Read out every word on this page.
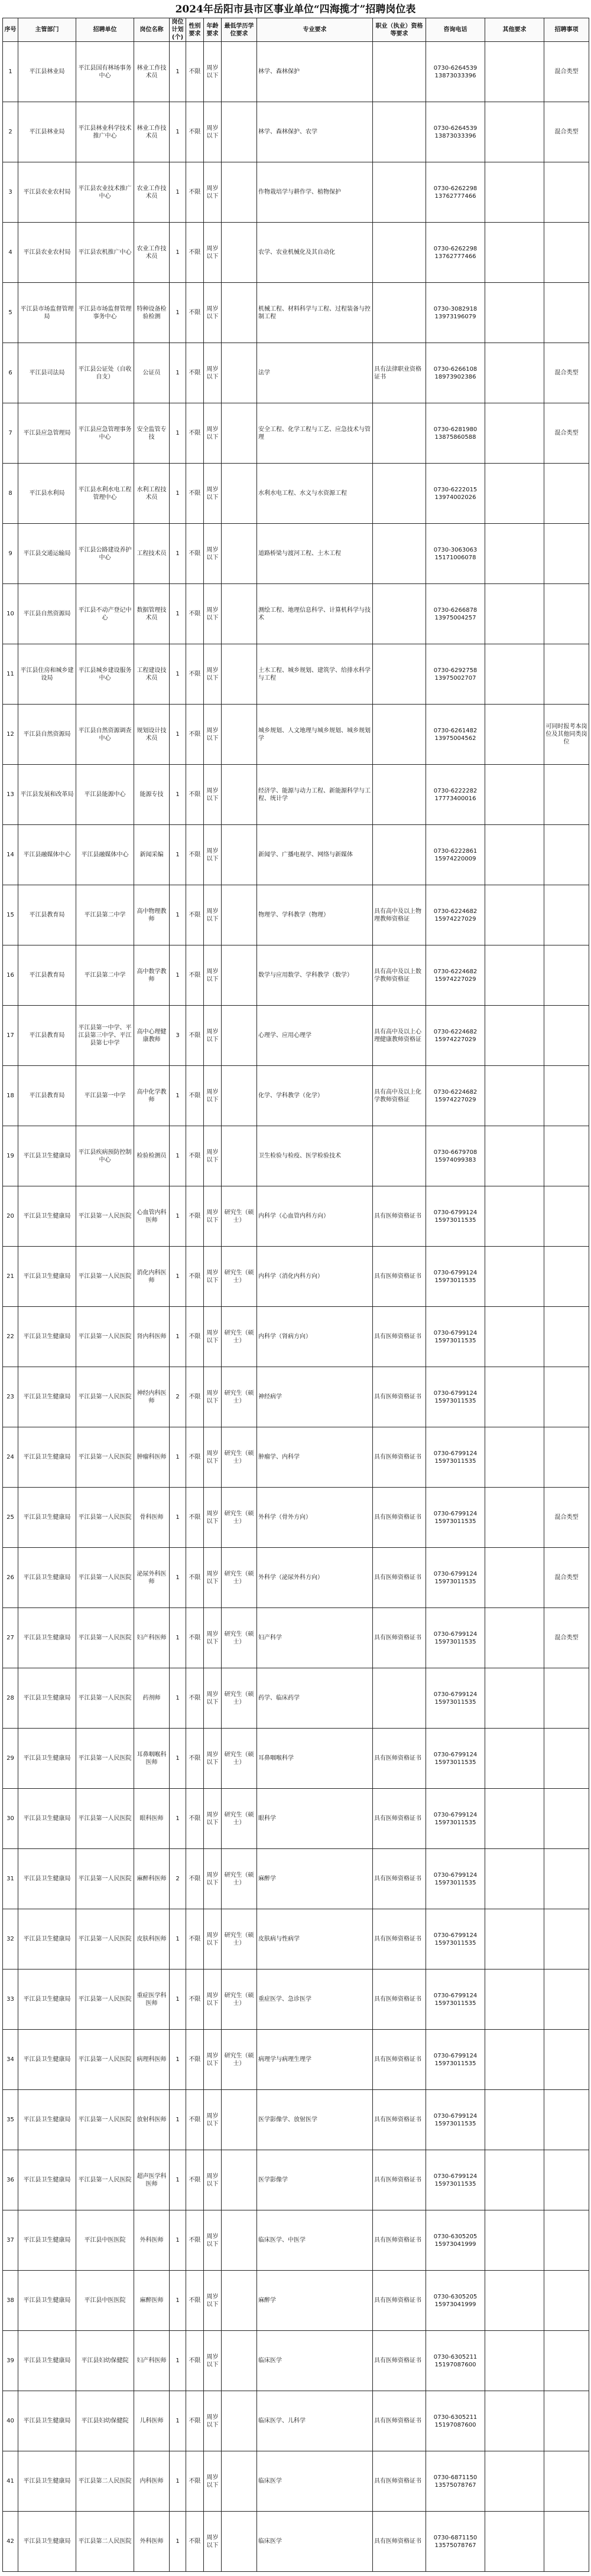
2024年岳阳市县市区事业单位“四海揽才”招聘岗位表
序号	主管部门	招聘单位	岗位名称	岗位计划(个)	性别要求	年龄要求	最低学历学位要求	专业要求	职业（执业）资格等要求	咨询电话	其他要求	招聘事项
1	平江县林业局	平江县国有林场事务中心	林业工作技术员	1	不限	周岁以下		林学、森林保护		0730-6264539
13873033396		混合类型
2	平江县林业局	平江县林业科学技术推广中心	林业工作技术员	1	不限	周岁以下		林学、森林保护、农学		0730-6264539
13873033396		混合类型
3	平江县农业农村局	平江县农业技术推广中心	农业工作技术员	1	不限	周岁以下		作物栽培学与耕作学、植物保护		0730-6262298
13762777466		
4	平江县农业农村局	平江县农机推广中心	农业工作技术员	1	不限	周岁以下		农学、农业机械化及其自动化		0730-6262298
13762777466		
5	平江县市场监督管理局	平江县市场监督管理事务中心	特种设备检验检测	1	不限	周岁以下		机械工程、材料科学与工程、过程装备与控制工程		0730-3082918
13973196079		
6	平江县司法局	平江县公证处（自收自支）	公证员	1	不限	周岁以下		法学	具有法律职业资格证书	0730-6266108
18973902386		混合类型
7	平江县应急管理局	平江县应急管理事务中心	安全监管专技	1	不限	周岁以下		安全工程、化学工程与工艺、应急技术与管理		0730-6281980
13875860588		混合类型
8	平江县水利局	平江县水利水电工程管理中心	水利工程技术员	1	不限	周岁以下		水利水电工程、水文与水资源工程		0730-6222015
13974002026		
9	平江县交通运输局	平江县公路建设养护中心	工程技术员	1	不限	周岁以下		道路桥梁与渡河工程、土木工程		0730-3063063
15171006078		
10	平江县自然资源局	平江县不动产登记中心	数据管理技术员	1	不限	周岁以下		测绘工程、地理信息科学、计算机科学与技术		0730-6266878
13975004257		
11	平江县住房和城乡建设局	平江县城乡建设服务中心	工程建设技术员	1	不限	周岁以下		土木工程、城乡规划、建筑学、给排水科学与工程		0730-6292758
13975002707		
12	平江县自然资源局	平江县自然资源调查中心	规划设计技术员	1	不限	周岁以下		城乡规划、人文地理与城乡规划、城乡规划学		0730-6261482
13975004562		可同时报考本岗位及其他同类岗位
13	平江县发展和改革局	平江县能源中心	能源专技	1	不限	周岁以下		经济学、能源与动力工程、新能源科学与工程、统计学		0730-6222282
17773400016		
14	平江县融媒体中心	平江县融媒体中心	新闻采编	1	不限	周岁以下		新闻学、广播电视学、网络与新媒体		0730-6222861
15974220009		
15	平江县教育局	平江县第二中学	高中物理教师	1	不限	周岁以下		物理学、学科教学（物理）	具有高中及以上物理教师资格证	0730-6224682
15974227029		
16	平江县教育局	平江县第二中学	高中数学教师	1	不限	周岁以下		数学与应用数学、学科教学（数学）	具有高中及以上数学教师资格证	0730-6224682
15974227029		
17	平江县教育局	平江县第一中学、平江县第三中学、平江县第七中学	高中心理健康教师	3	不限	周岁以下		心理学、应用心理学	具有高中及以上心理健康教师资格证	0730-6224682
15974227029		
18	平江县教育局	平江县第一中学	高中化学教师	1	不限	周岁以下		化学、学科教学（化学）	具有高中及以上化学教师资格证	0730-6224682
15974227029		
19	平江县卫生健康局	平江县疾病预防控制中心	检验检测员	1	不限	周岁以下		卫生检验与检疫、医学检验技术		0730-6679708
15974099383		
20	平江县卫生健康局	平江县第一人民医院	心血管内科医师	1	不限	周岁以下	研究生（硕士）	内科学（心血管内科方向）	具有医师资格证书	0730-6799124
15973011535		
21	平江县卫生健康局	平江县第一人民医院	消化内科医师	1	不限	周岁以下	研究生（硕士）	内科学（消化内科方向）	具有医师资格证书	0730-6799124
15973011535		
22	平江县卫生健康局	平江县第一人民医院	肾内科医师	1	不限	周岁以下	研究生（硕士）	内科学（肾病方向）	具有医师资格证书	0730-6799124
15973011535		
23	平江县卫生健康局	平江县第一人民医院	神经内科医师	2	不限	周岁以下	研究生（硕士）	神经病学	具有医师资格证书	0730-6799124
15973011535		
24	平江县卫生健康局	平江县第一人民医院	肿瘤科医师	1	不限	周岁以下	研究生（硕士）	肿瘤学、内科学	具有医师资格证书	0730-6799124
15973011535		
25	平江县卫生健康局	平江县第一人民医院	骨科医师	1	不限	周岁以下	研究生（硕士）	外科学（骨外方向）	具有医师资格证书	0730-6799124
15973011535		混合类型
26	平江县卫生健康局	平江县第一人民医院	泌尿外科医师	1	不限	周岁以下	研究生（硕士）	外科学（泌尿外科方向）	具有医师资格证书	0730-6799124
15973011535		混合类型
27	平江县卫生健康局	平江县第一人民医院	妇产科医师	1	不限	周岁以下	研究生（硕士）	妇产科学	具有医师资格证书	0730-6799124
15973011535		混合类型
28	平江县卫生健康局	平江县第一人民医院	药剂师	1	不限	周岁以下	研究生（硕士）	药学、临床药学		0730-6799124
15973011535		
29	平江县卫生健康局	平江县第一人民医院	耳鼻咽喉科医师	1	不限	周岁以下	研究生（硕士）	耳鼻咽喉科学	具有医师资格证书	0730-6799124
15973011535		
30	平江县卫生健康局	平江县第一人民医院	眼科医师	1	不限	周岁以下	研究生（硕士）	眼科学	具有医师资格证书	0730-6799124
15973011535		
31	平江县卫生健康局	平江县第一人民医院	麻醉科医师	2	不限	周岁以下	研究生（硕士）	麻醉学	具有医师资格证书	0730-6799124
15973011535		
32	平江县卫生健康局	平江县第一人民医院	皮肤科医师	1	不限	周岁以下	研究生（硕士）	皮肤病与性病学	具有医师资格证书	0730-6799124
15973011535		
33	平江县卫生健康局	平江县第一人民医院	重症医学科医师	1	不限	周岁以下	研究生（硕士）	重症医学、急诊医学	具有医师资格证书	0730-6799124
15973011535		
34	平江县卫生健康局	平江县第一人民医院	病理科医师	1	不限	周岁以下	研究生（硕士）	病理学与病理生理学	具有医师资格证书	0730-6799124
15973011535		
35	平江县卫生健康局	平江县第一人民医院	放射科医师	1	不限	周岁以下		医学影像学、放射医学	具有医师资格证书	0730-6799124
15973011535		
36	平江县卫生健康局	平江县第一人民医院	超声医学科医师	1	不限	周岁以下		医学影像学	具有医师资格证书	0730-6799124
15973011535		
37	平江县卫生健康局	平江县中医医院	外科医师	1	不限	周岁以下		临床医学、中医学	具有医师资格证书	0730-6305205
15973041999		
38	平江县卫生健康局	平江县中医医院	麻醉医师	1	不限	周岁以下		麻醉学	具有医师资格证书	0730-6305205
15973041999		
39	平江县卫生健康局	平江县妇幼保健院	妇产科医师	1	不限	周岁以下		临床医学	具有医师资格证书	0730-6305211
15197087600		
40	平江县卫生健康局	平江县妇幼保健院	儿科医师	1	不限	周岁以下		临床医学、儿科学	具有医师资格证书	0730-6305211
15197087600		
41	平江县卫生健康局	平江县第二人民医院	内科医师	1	不限	周岁以下		临床医学	具有医师资格证书	0730-6871150
13575078767		
42	平江县卫生健康局	平江县第二人民医院	外科医师	1	不限	周岁以下		临床医学	具有医师资格证书	0730-6871150
13575078767		
